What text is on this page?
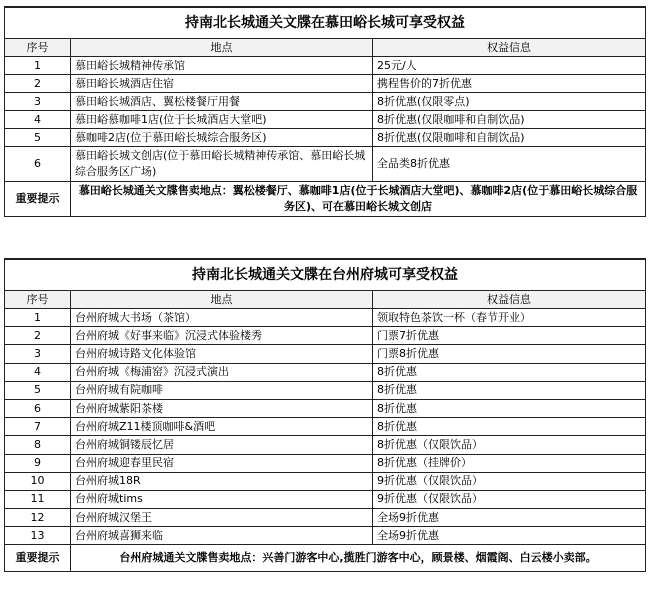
持南北长城通关文牒在慕田峪长城可享受权益		
序号	地点	权益信息
1	慕田峪长城精神传承馆	25元/人
2	慕田峪长城酒店住宿	携程售价的7折优惠
3	慕田峪长城酒店、翼松楼餐厅用餐	8折优惠(仅限零点)
4	慕田峪慕咖啡1店(位于长城酒店大堂吧)	8折优惠(仅限咖啡和自制饮品)
5	慕咖啡2店(位于慕田峪长城综合服务区)	8折优惠(仅限咖啡和自制饮品)
6	慕田峪长城文创店(位于慕田峪长城精神传承馆、慕田峪长城综合服务区广场)	全品类8折优惠
重要提示	慕田峪长城通关文牒售卖地点：翼松楼餐厅、慕咖啡1店(位于长城酒店大堂吧)、慕咖啡2店(位于慕田峪长城综合服务区)、可在慕田峪长城文创店	
持南北长城通关文牒在台州府城可享受权益		
序号	地点	权益信息
1	台州府城大书场（茶馆）	领取特色茶饮一杯（春节开业）
2	台州府城《好事来临》沉浸式体验楼秀	门票7折优惠
3	台州府城诗路文化体验馆	门票8折优惠
4	台州府城《梅浦窑》沉浸式演出	8折优惠
5	台州府城有院咖啡	8折优惠
6	台州府城紫阳茶楼	8折优惠
7	台州府城Z11楼顶咖啡&酒吧	8折优惠
8	台州府城铜镂辰忆居	8折优惠（仅限饮品）
9	台州府城迎春里民宿	8折优惠（挂牌价）
10	台州府城18R	9折优惠（仅限饮品）
11	台州府城tims	9折优惠（仅限饮品）
12	台州府城汉堡王	全场9折优惠
13	台州府城喜狮来临	全场9折优惠
重要提示	台州府城通关文牒售卖地点：兴善门游客中心,揽胜门游客中心，顾景楼、烟霞阁、白云楼小卖部。	
